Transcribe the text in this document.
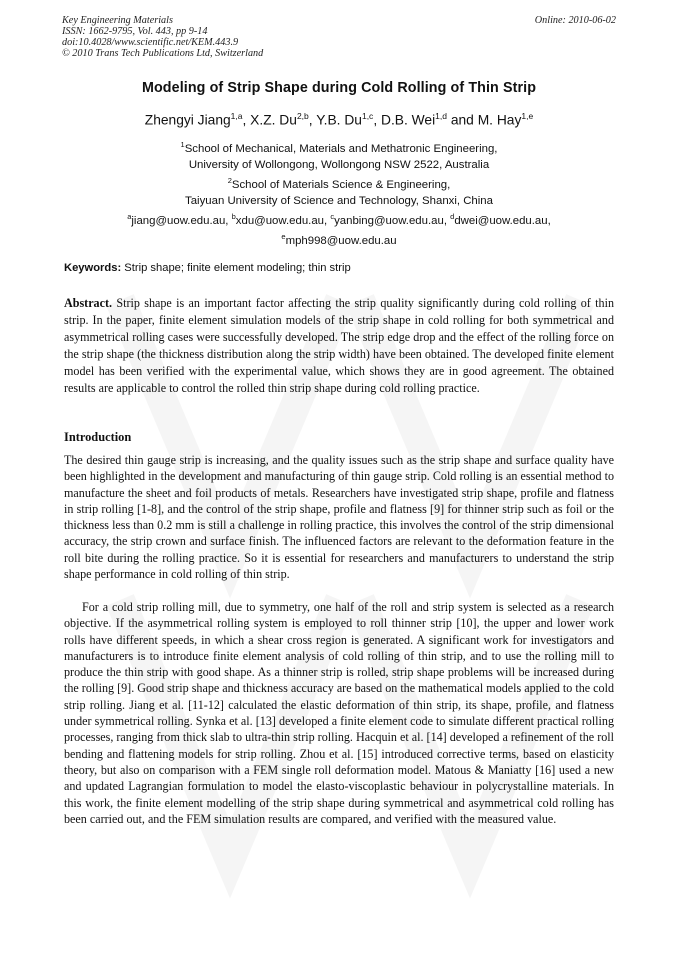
Key Engineering Materials
ISSN: 1662-9795, Vol. 443, pp 9-14
doi:10.4028/www.scientific.net/KEM.443.9
© 2010 Trans Tech Publications Ltd, Switzerland
Online: 2010-06-02
Modeling of Strip Shape during Cold Rolling of Thin Strip
Zhengyi Jiang$^{1,a}$, X.Z. Du$^{2,b}$, Y.B. Du$^{1,c}$, D.B. Wei$^{1,d}$ and M. Hay$^{1,e}$
$^1$School of Mechanical, Materials and Methatronic Engineering,
University of Wollongong, Wollongong NSW 2522, Australia
$^2$School of Materials Science & Engineering,
Taiyuan University of Science and Technology, Shanxi, China
$^a$jiang@uow.edu.au, $^b$xdu@uow.edu.au, $^c$yanbing@uow.edu.au, $^d$dwei@uow.edu.au,
$^e$mph998@uow.edu.au
Keywords: Strip shape; finite element modeling; thin strip

Abstract. Strip shape is an important factor affecting the strip quality significantly during cold rolling of thin strip. In the paper, finite element simulation models of the strip shape in cold rolling for both symmetrical and asymmetrical rolling cases were successfully developed. The strip edge drop and the effect of the rolling force on the strip shape (the thickness distribution along the strip width) have been obtained. The developed finite element model has been verified with the experimental value, which shows they are in good agreement. The obtained results are applicable to control the rolled thin strip shape during cold rolling practice.

Introduction

The desired thin gauge strip is increasing, and the quality issues such as the strip shape and surface quality have been highlighted in the development and manufacturing of thin gauge strip. Cold rolling is an essential method to manufacture the sheet and foil products of metals. Researchers have investigated strip shape, profile and flatness in strip rolling [1-8], and the control of the strip shape, profile and flatness [9] for thinner strip such as foil or the thickness less than 0.2 mm is still a challenge in rolling practice, this involves the control of the strip dimensional accuracy, the strip crown and surface finish. The influenced factors are relevant to the deformation feature in the roll bite during the rolling practice. So it is essential for researchers and manufacturers to understand the strip shape performance in cold rolling of thin strip.

For a cold strip rolling mill, due to symmetry, one half of the roll and strip system is selected as a research objective. If the asymmetrical rolling system is employed to roll thinner strip [10], the upper and lower work rolls have different speeds, in which a shear cross region is generated. A significant work for investigators and manufacturers is to introduce finite element analysis of cold rolling of thin strip, and to use the rolling mill to produce the thin strip with good shape. As a thinner strip is rolled, strip shape problems will be increased during the rolling [9]. Good strip shape and thickness accuracy are based on the mathematical models applied to the cold strip rolling. Jiang et al. [11-12] calculated the elastic deformation of thin strip, its shape, profile, and flatness under symmetrical rolling. Synka et al. [13] developed a finite element code to simulate different practical rolling processes, ranging from thick slab to ultra-thin strip rolling. Hacquin et al. [14] developed a refinement of the roll bending and flattening models for strip rolling. Zhou et al. [15] introduced corrective terms, based on elasticity theory, but also on comparison with a FEM single roll deformation model. Matous & Maniatty [16] used a new and updated Lagrangian formulation to model the elasto-viscoplastic behaviour in polycrystalline materials. In this work, the finite element modelling of the strip shape during symmetrical and asymmetrical cold rolling has been carried out, and the FEM simulation results are compared, and verified with the measured value.
